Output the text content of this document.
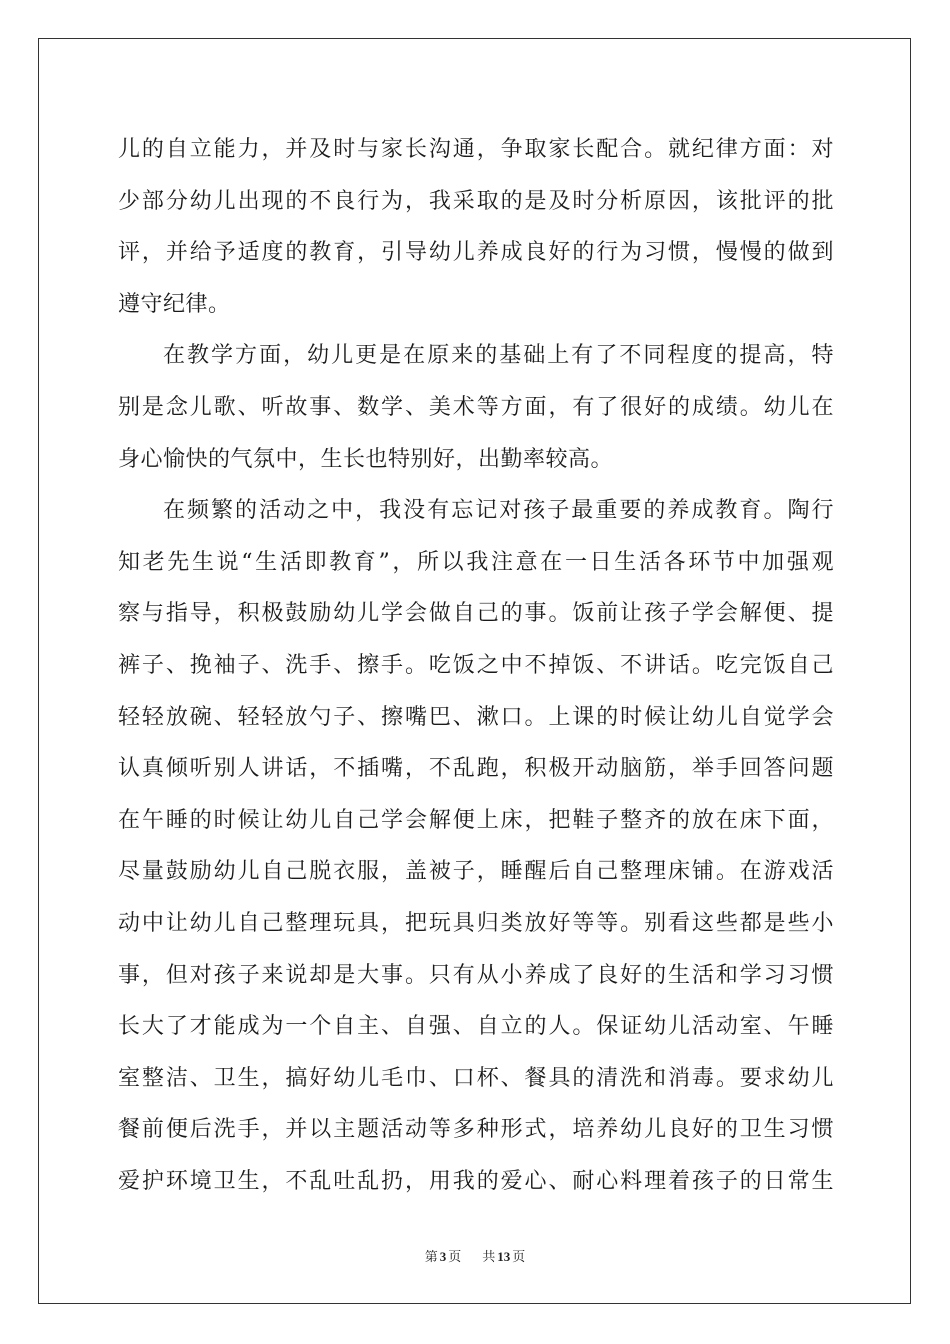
儿的自立能力，并及时与家长沟通，争取家长配合。就纪律方面：对
少部分幼儿出现的不良行为，我采取的是及时分析原因，该批评的批
评，并给予适度的教育，引导幼儿养成良好的行为习惯，慢慢的做到
遵守纪律。
在教学方面，幼儿更是在原来的基础上有了不同程度的提高，特
别是念儿歌、听故事、数学、美术等方面，有了很好的成绩。幼儿在
身心愉快的气氛中，生长也特别好，出勤率较高。
在频繁的活动之中，我没有忘记对孩子最重要的养成教育。陶行
知老先生说“生活即教育”，所以我注意在一日生活各环节中加强观
察与指导，积极鼓励幼儿学会做自己的事。饭前让孩子学会解便、提
裤子、挽袖子、洗手、擦手。吃饭之中不掉饭、不讲话。吃完饭自己
轻轻放碗、轻轻放勺子、擦嘴巴、漱口。上课的时候让幼儿自觉学会
认真倾听别人讲话，不插嘴，不乱跑，积极开动脑筋，举手回答问题
在午睡的时候让幼儿自己学会解便上床，把鞋子整齐的放在床下面，
尽量鼓励幼儿自己脱衣服，盖被子，睡醒后自己整理床铺。在游戏活
动中让幼儿自己整理玩具，把玩具归类放好等等。别看这些都是些小
事，但对孩子来说却是大事。只有从小养成了良好的生活和学习习惯
长大了才能成为一个自主、自强、自立的人。保证幼儿活动室、午睡
室整洁、卫生，搞好幼儿毛巾、口杯、餐具的清洗和消毒。要求幼儿
餐前便后洗手，并以主题活动等多种形式，培养幼儿良好的卫生习惯
爱护环境卫生，不乱吐乱扔，用我的爱心、耐心料理着孩子的日常生
第 3 页 共 13 页
